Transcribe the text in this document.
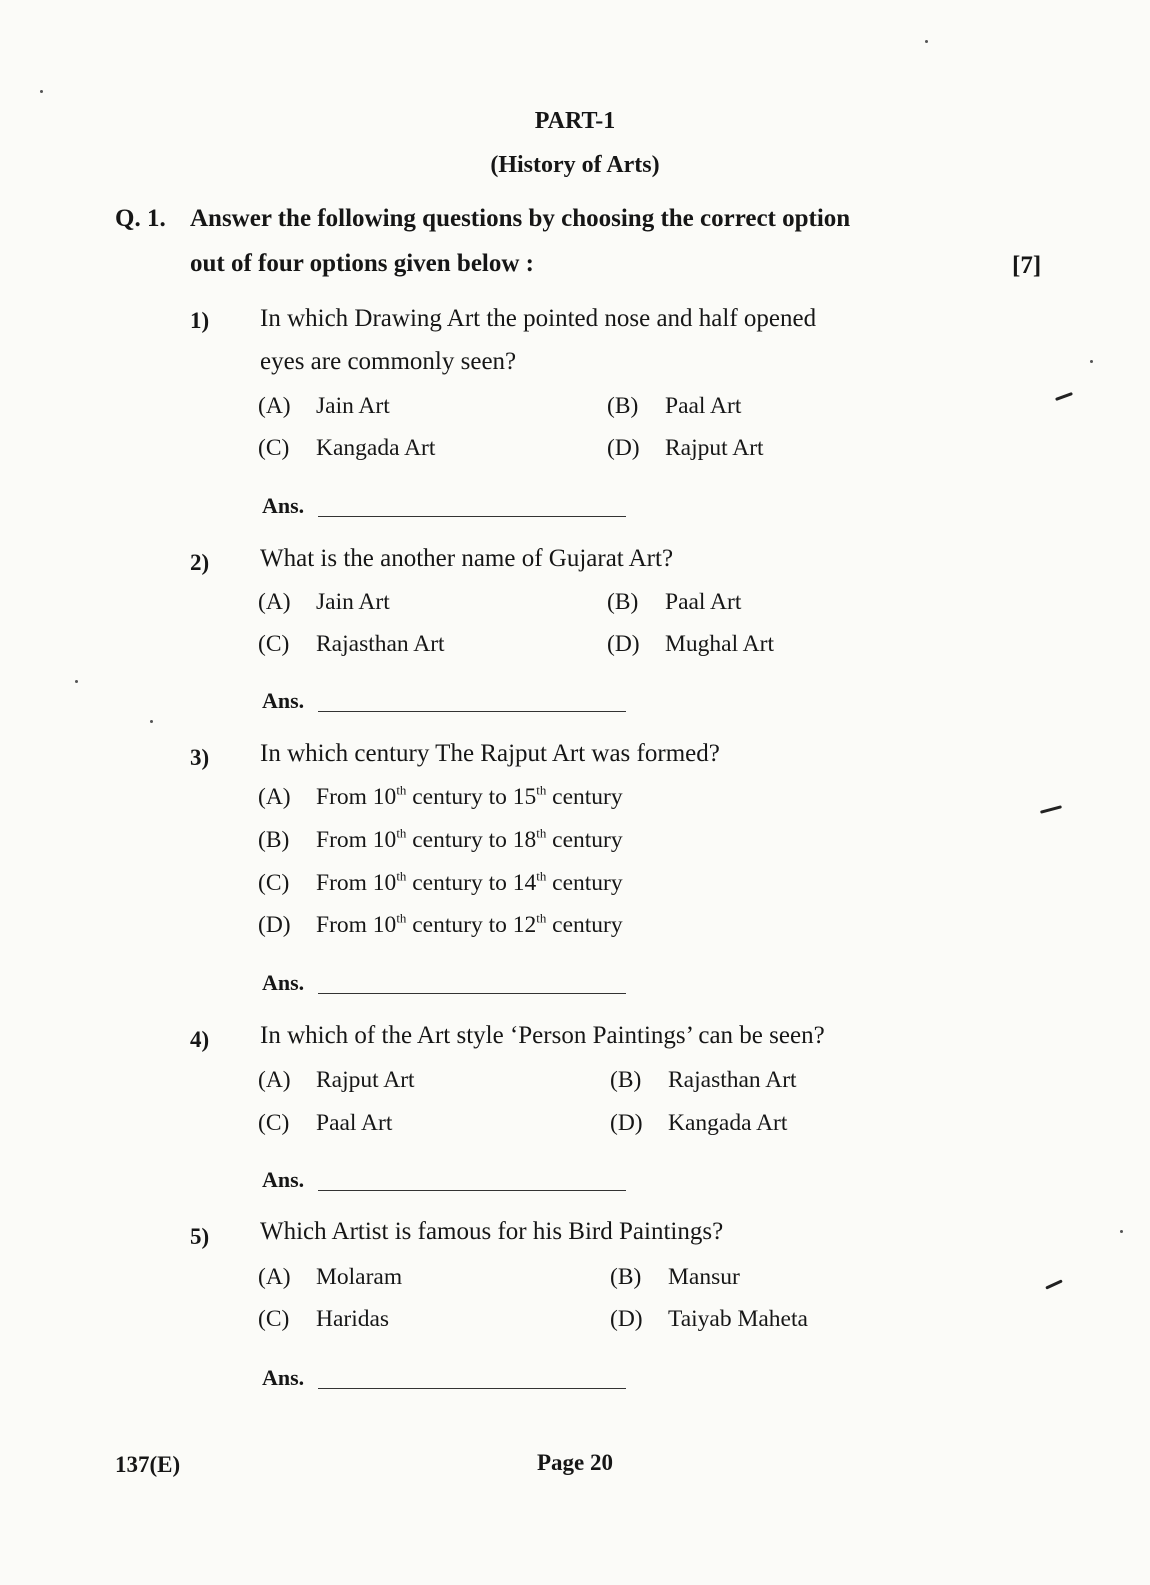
PART-1
(History of Arts)
Q. 1. Answer the following questions by choosing the correct option
out of four options given below :	[7]
1) In which Drawing Art the pointed nose and half opened
eyes are commonly seen?
(A) Jain Art	(B) Paal Art
(C) Kangada Art	(D) Rajput Art
Ans.
2) What is the another name of Gujarat Art?
(A) Jain Art	(B) Paal Art
(C) Rajasthan Art	(D) Mughal Art
Ans.
3) In which century The Rajput Art was formed?
(A) From 10th century to 15th century
(B) From 10th century to 18th century
(C) From 10th century to 14th century
(D) From 10th century to 12th century
Ans.
4) In which of the Art style ‘Person Paintings’ can be seen?
(A) Rajput Art	(B) Rajasthan Art
(C) Paal Art	(D) Kangada Art
Ans.
5) Which Artist is famous for his Bird Paintings?
(A) Molaram	(B) Mansur
(C) Haridas	(D) Taiyab Maheta
Ans.
137(E)	Page 20
